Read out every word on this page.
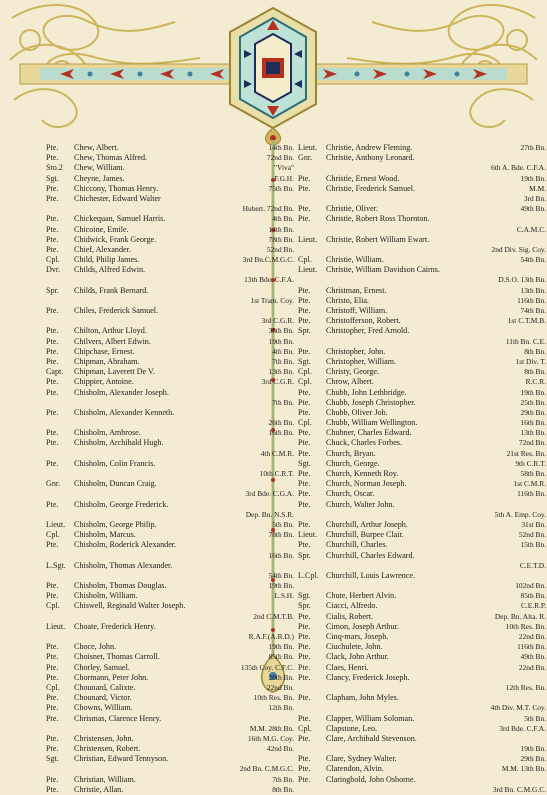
Pte.	Chew, Albert.	14th Bn.
Pte.	Chew, Thomas Alfred.	72nd Bn.
Sto.2	Chew, William.	"Viva"
Sgt.	Cheyne, James.	F.G.H.
Pte.	Chiccony, Thomas Henry.	75th Bn.
Pte.	Chichester, Edward Walter
Hubert. 72nd Bn.
Pte.	Chickequan, Samuel Harris.	4th Bn.
Pte.	Chicoine, Emile.	14th Bn.
Pte.	Chidwick, Frank George.	78th Bn.
Pte.	Chief, Alexander.	52nd Bn.
Cpl.	Child, Philip James.	3rd Bn.C.M.G.C.
Dvr.	Childs, Alfred Edwin.
13th Bde. C.F.A.
Spr.	Childs, Frank Bernard.
1st Tram. Coy.
Pte.	Chiles, Frederick Samuel.
3rd C.G.R.
Pte.	Chilton, Arthur Lloyd.	38th Bn.
Pte.	Chilvers, Albert Edwin.	19th Bn.
Pte.	Chipchase, Ernest.	4th Bn.
Pte.	Chipman, Abraham.	7th Bn.
Capt.	Chipman, Laverett De V.	13th Bn.
Pte.	Chippier, Antoine.	3rd C.G.R.
Pte.	Chisholm, Alexander Joseph.
7th Bn.
Pte.	Chisholm, Alexander Kenneth.
26th Bn.
Pte.	Chisholm, Ambrose.	16th Bn.
Pte.	Chisholm, Archibald Hugh.
4th C.M.R.
Pte.	Chisholm, Colin Francis.
10th C.R.T.
Gnr.	Chisholm, Duncan Craig.
3rd Bde. C.G.A.
Pte.	Chisholm, George Frederick.
Dep. Bn. N.S.R.
Lieut.	Chisholm, George Philip.	5th Bn.
Cpl.	Chisholm, Marcus.	78th Bn.
Pte.	Chisholm, Roderick Alexander.
16th Bn.
L.Sgt.	Chisholm, Thomas Alexander.
54th Bn.
Pte.	Chisholm, Thomas Douglas.	19th Bn.
Pte.	Chisholm, William.	L.S.H.
Cpl.	Chiswell, Reginald Walter Joseph.
2nd C.M.T.B.
Lieut.	Choate, Frederick Henry.
R.A.F.(A.R.D.)
Pte.	Choce, John.	19th Bn.
Pte.	Choisnet, Thomas Carroll.	85th Bn.
Pte.	Chorley, Samuel.	135th Coy. C.F.C.
Pte.	Chormann, Peter John.	20th Bn.
Cpl.	Chounard, Calixte.	22nd Bn.
Pte.	Chounard, Victor.	10th Res. Bn.
Pte.	Chowns, William.	12th Bn.
Pte.	Chrismas, Clarence Henry.
M.M. 28th Bn.
Pte.	Christensen, John.	16th M.G. Coy.
Pte.	Christensen, Robert.	42nd Bn.
Sgt.	Christian, Edward Tennyson.
2nd Bn. C.M.G.C.
Pte.	Christian, William.	7th Bn.
Pte.	Christie, Allan.	8th Bn.
Lieut.	Christie, Andrew Fleming.	27th Bn.
Gnr.	Christie, Anthony Leonard.
6th A. Bde. C.F.A.
Pte.	Christie, Ernest Wood.	19th Bn.
Pte.	Christie, Frederick Samuel.	M.M.
3rd Bn.
Pte.	Christie, Oliver.	49th Bn.
Pte.	Christie, Robert Ross Thornton.
C.A.M.C.
Lieut.	Christie, Robert William Ewart.
2nd Div. Sig. Coy.
Cpl.	Christie, William.	54th Bn.
Lieut.	Christie, William Davidson Cairns.
D.S.O. 13th Bn.
Pte.	Christman, Ernest.	13th Bn.
Pte.	Christo, Elia.	116th Bn.
Pte.	Christoff, William.	74th Bn.
Pte.	Christofferson, Robert.	1st C.T.M.B.
Spr.	Christopher, Fred Arnold.
11th Bn. C.E.
Pte.	Christopher, John.	8th Bn.
Sgt.	Christopher, William.	1st Div. T.
Cpl.	Christy, George.	8th Bn.
Cpl.	Chrow, Albert.	R.C.R.
Pte.	Chubb, John Lethbridge.	19th Bn.
Pte.	Chubb, Joseph Christopher.	25th Bn.
Pte.	Chubb, Oliver Job.	29th Bn.
Cpl.	Chubb, William Wellington.	16th Bn.
Pte.	Chubner, Charles Edward.	13th Bn.
Pte.	Chuck, Charles Forbes.	72nd Bn.
Pte.	Church, Bryan.	21st Res. Bn.
Sgt.	Church, George.	9th C.R.T.
Pte.	Church, Kenneth Roy.	58th Bn.
Pte.	Church, Norman Joseph.	1st C.M.R.
Pte.	Church, Oscar.	116th Bn.
Pte.	Church, Walter John.
5th A. Emp. Coy.
Pte.	Churchill, Arthur Joseph.	31st Bn.
Lieut.	Churchill, Burpee Clair.	52nd Bn.
Pte.	Churchill, Charles.	15th Bn.
Spr.	Churchill, Charles Edward.
C.E.T.D.
L.Cpl. Churchill, Louis Lawrence.
102nd Bn.
Sgt.	Chute, Herbert Alvin.	85th Bn.
Spr.	Ciacci, Alfredo.	C.E.R.P.
Pte.	Cialis, Robert.	Dep. Bn. Alta. R.
Pte.	Cimon, Joseph Arthur.	10th Res. Bn.
Pte.	Cinq-mars, Joseph.	22nd Bn.
Pte.	Ciuchulete, John.	116th Bn.
Pte.	Clack, John Arthur.	49th Bn.
Pte.	Claes, Henri.	22nd Bn.
Pte.	Clancy, Frederick Joseph.
12th Res. Bn.
Pte.	Clapham, John Myles.
4th Div. M.T. Coy.
Pte.	Clapper, William Soloman.	5th Bn.
Cpl.	Clapstone, Leo.	3rd Bde. C.F.A.
Pte.	Clare, Archibald Stevenson.
19th Bn.
Pte.	Clare, Sydney Walter.	29th Bn.
Pte.	Clarendon, Alvin.	M.M. 13th Bn.
Pte.	Claringbold, John Osborne.
3rd Bn. C.M.G.C.
